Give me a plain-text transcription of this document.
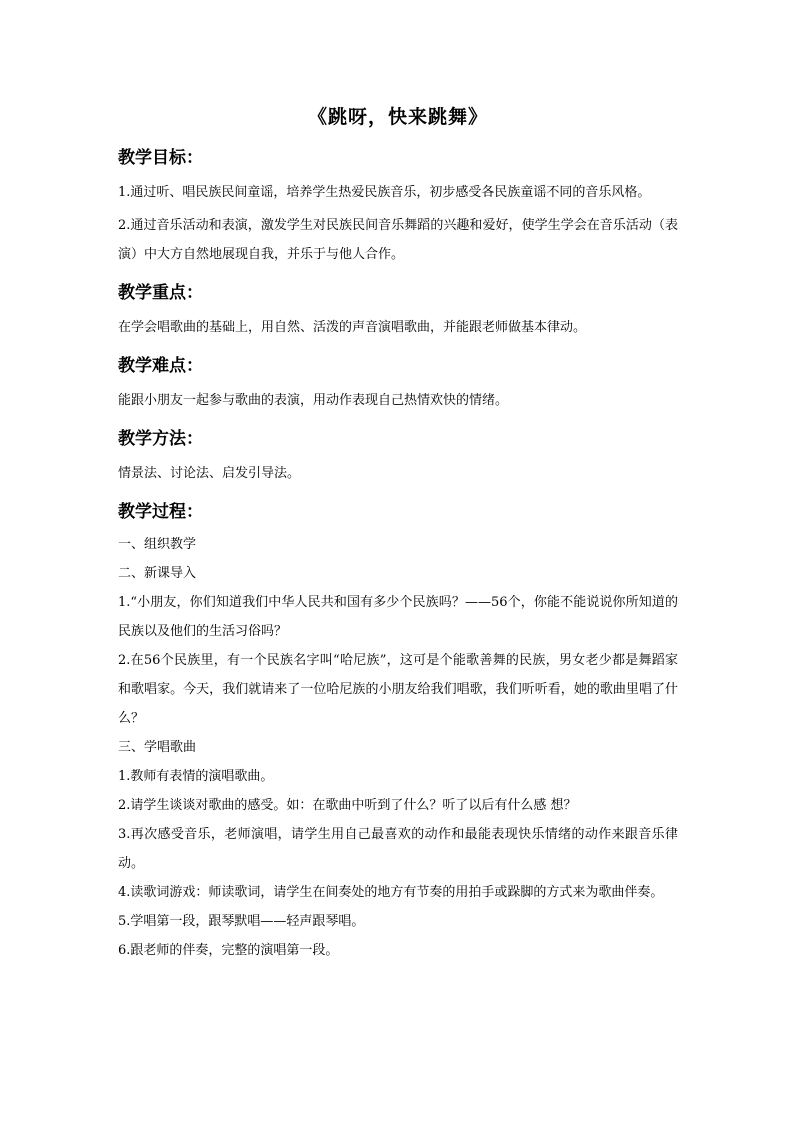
《跳呀，快来跳舞》
教学目标：
1.通过听、唱民族民间童谣，培养学生热爱民族音乐，初步感受各民族童谣不同的音乐风格。
2.通过音乐活动和表演，激发学生对民族民间音乐舞蹈的兴趣和爱好，使学生学会在音乐活动（表演）中大方自然地展现自我，并乐于与他人合作。
教学重点：
在学会唱歌曲的基础上，用自然、活泼的声音演唱歌曲，并能跟老师做基本律动。
教学难点：
能跟小朋友一起参与歌曲的表演，用动作表现自己热情欢快的情绪。
教学方法：
情景法、讨论法、启发引导法。
教学过程：
一、组织教学
二、新课导入
1.“小朋友，你们知道我们中华人民共和国有多少个民族吗？——56个，你能不能说说你所知道的民族以及他们的生活习俗吗？
2.在56个民族里，有一个民族名字叫“哈尼族”，这可是个能歌善舞的民族，男女老少都是舞蹈家和歌唱家。今天，我们就请来了一位哈尼族的小朋友给我们唱歌，我们听听看，她的歌曲里唱了什么？
三、学唱歌曲
1.教师有表情的演唱歌曲。
2.请学生谈谈对歌曲的感受。如：在歌曲中听到了什么？听了以后有什么感 想？
3.再次感受音乐，老师演唱，请学生用自己最喜欢的动作和最能表现快乐情绪的动作来跟音乐律动。
4.读歌词游戏：师读歌词，请学生在间奏处的地方有节奏的用拍手或跺脚的方式来为歌曲伴奏。
5.学唱第一段，跟琴默唱——轻声跟琴唱。
6.跟老师的伴奏，完整的演唱第一段。
